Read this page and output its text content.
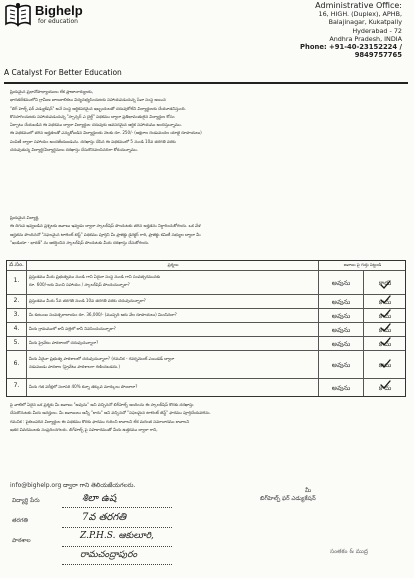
Bighelp
for education
A Catalyst For Better Education
Administrative Office:
16, HIGH. (Duplex), APHB,
Balajinagar, Kukatpally
Hyderabad - 72
Andhra Pradesh, INDIA
Phone: +91-40-23152224 / 9849757765
ప్రియమైన ప్రధానోపాధ్యాయులు లేక ప్రాణాచార్యులకు,
భారతదేశములోని గ్రామీణ బాలబాలికలు విద్యనభ్యసించుటకు సహాయపడుచున్న సేవా సంస్థ అయిన
"బిగ్ హెల్ప్ ఫర్ ఎడ్యుకేషన్" అనే సంస్థ ఆర్థికపరమైన ఇబ్బందులతో చదువుకోలేని విద్యార్థులకు చేయూతనిస్తుంది.
కొనసాగించుటకు సహాయపడుచున్న "స్పాన్సర్ ఎ చైల్డ్" పథకము ద్వారా ప్రతిభావంతులైన విద్యార్థుల కోసం
ఏర్పాటు చేయబడిన ఈ పథకము ద్వారా విద్యార్థుల చదువుకు అవసరమైన ఆర్థిక సహాయము అందిస్తున్నాము.
ఈ పథకములో తగిన అర్హతలతో ఎన్నుకోబడిన విద్యార్థులకు నెలకు రూ. 250/- (అక్షరాల రెండువందల యాభై రూపాయలు)
పంపిణీ ద్వారా సహాయం అందజేయబడును. దరఖాస్తు చేసిన ఈ పథకములో 5 నుండి 10వ తరగతి వరకు
చదువుతున్న విద్యార్థి/విద్యార్థినులు దరఖాస్తు చేసుకొనవలసినదిగా కోరుచున్నాము.
ప్రియమైన విద్యార్థి,
ఈ దిగువ ఇవ్వబడిన ప్రశ్నలకు జవాబు ఇవ్వడం ద్వారా స్కాలర్‌షిప్ పొందుటకు తగిన అర్హతను నిర్ధారించుకోగలరు. ఒక వేళ
అర్హతను పొందినచో "సఫలమైన టాలెంట్ టెస్ట్" పథకము పూర్తిని మీ ప్రాజెక్టు డైరెక్టర్ గారి, ప్రాజెక్టు కమిటీ సభ్యుల ద్వారా మీ
"ఇండియా - భారత్" ను ఆకర్షించిన స్కాలర్‌షిప్ పొందుటకు మీరు దరఖాస్తు చేసుకోగలరు.
వ.సం.	ప్రశ్నలు	జవాబు పై గుర్తు పెట్టండి
1.
ప్రస్తుతము మీరు ప్రభుత్వము నుండి గాని ఏదైనా సంస్థ నుండి గాని సంవత్సరమునకు
రూ. 600/-లకు మించి సహాయం / స్కాలర్‌షిప్ పొందుచున్నారా?	అవును	కాదు
2.	ప్రస్తుతము మీరు 5వ తరగతి నుండి 10వ తరగతి వరకు చదువుచున్నారా?	అవును	కాదు
3.	మీ కుటుంబ సంవత్సరాదాయం రూ. 36,000/- (ముప్పది ఆరు వేల రూపాయలు) మించినదా?	అవును	కాదు
4.	మీరు గ్రామములో కానీ పల్లెలో కానీ నివసించుచున్నారా?	అవును	కాదు
5.	మీరు ప్రైవేటు పాఠశాలలో చదువుచున్నారా?	అవును	కాదు
6.
మీరు ఏదైనా ప్రభుత్వ పాఠశాలలో చదువుచున్నారా? (గమనిక - గవర్నమెంట్ ఎయిడెడ్ ద్వారా
నడుపబడు పాఠశాల (ప్రైవేటు పాఠశాలగా గణించబడదు.)	అవును	కాదు
7.	మీరు గత పరీక్షలో సరాసరి 40% కన్నా తక్కువ మార్కులు పొందారా?	అవును	కాదు
పై వాటిలో ఏదైన ఒక ప్రశ్నకు మీ జవాబు "అవును" అని వచ్చినచో బిగ్‌హెల్ప్ అందించు ఈ స్కాలర్‌షిప్ కొరకు దరఖాస్తు
చేసుకొనుటకు మీరు అనర్హులు. మీ జవాబులు అన్నీ "కాదు" అని వచ్చినచో "సఫలమైన టాలెంట్ టెస్ట్" ఫారము పూర్తిచేయవలెను.
గమనిక : పైకలుపరిన విద్యార్థుల ఈ పథకము కొరకు ఫారము గురించి కావాలని లేక మరింత సమాచారము కావాలని
ఇతర వివరములకు సంప్రదించగలరు. బిగ్‌హెల్ప్ పై సహకారముతో మీరు ఉత్తరము ద్వారా గాని,
info@bighelp.org ద్వారా గాని తెలియజేయగలరు.
విద్యార్థి పేరు	శిలా ఉష
తరగతి	7వ తరగతి
పాఠశాల	Z.P.H.S. ఆకులూరి,
రామచంద్రాపురం
మీ
బిగ్‌హెల్ప్ ఫర్ ఎడ్యుకేషన్
సంతకం & ముద్ర
